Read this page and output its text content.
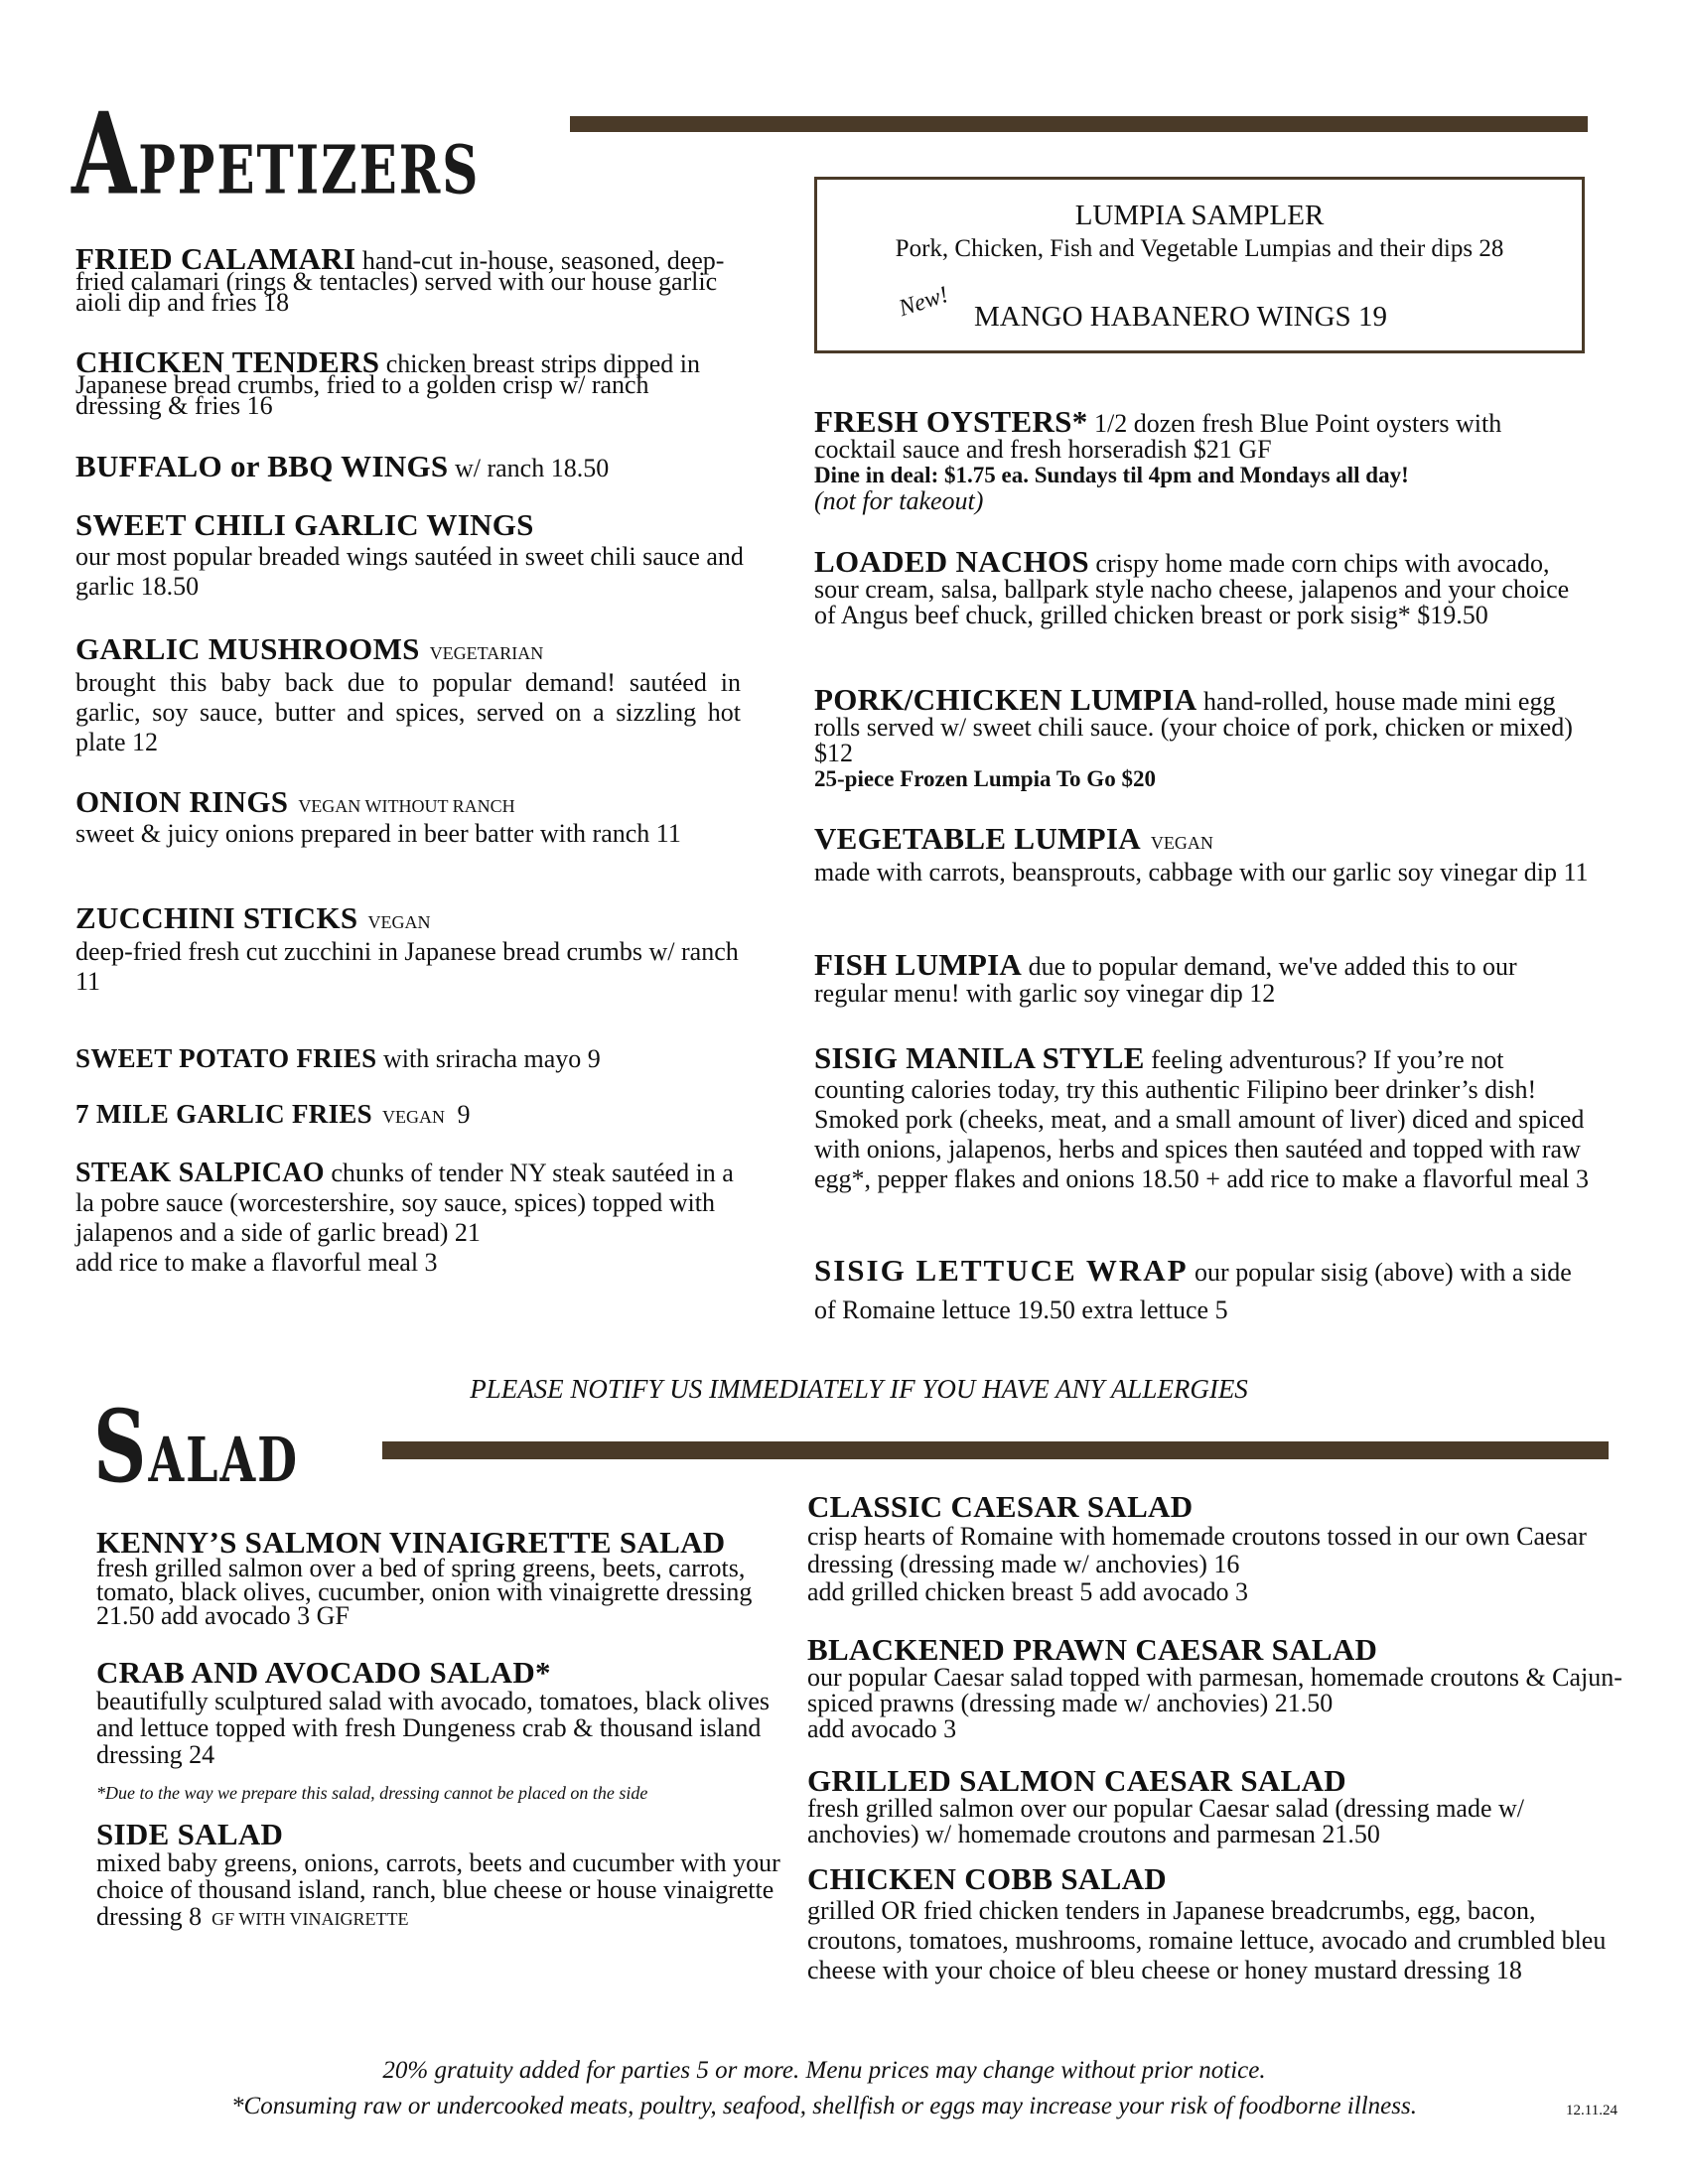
APPETIZERS
FRIED CALAMARI hand-cut in-house, seasoned, deep-fried calamari (rings & tentacles) served with our house garlic aioli dip and fries 18
CHICKEN TENDERS chicken breast strips dipped in Japanese bread crumbs, fried to a golden crisp w/ ranch dressing & fries 16
BUFFALO or BBQ WINGS w/ ranch 18.50
SWEET CHILI GARLIC WINGS
our most popular breaded wings sautéed in sweet chili sauce and garlic 18.50
GARLIC MUSHROOMS VEGETARIAN
brought this baby back due to popular demand! sautéed in garlic, soy sauce, butter and spices, served on a sizzling hot plate 12
ONION RINGS VEGAN WITHOUT RANCH
sweet & juicy onions prepared in beer batter with ranch 11
ZUCCHINI STICKS VEGAN
deep-fried fresh cut zucchini in Japanese bread crumbs w/ ranch 11
SWEET POTATO FRIES with sriracha mayo 9
7 MILE GARLIC FRIES VEGAN 9
STEAK SALPICAO chunks of tender NY steak sautéed in a la pobre sauce (worcestershire, soy sauce, spices) topped with jalapenos and a side of garlic bread) 21
add rice to make a flavorful meal 3
LUMPIA SAMPLER
Pork, Chicken, Fish and Vegetable Lumpias and their dips 28
New! MANGO HABANERO WINGS 19
FRESH OYSTERS* 1/2 dozen fresh Blue Point oysters with cocktail sauce and fresh horseradish $21 GF
Dine in deal: $1.75 ea. Sundays til 4pm and Mondays all day!
(not for takeout)
LOADED NACHOS crispy home made corn chips with avocado, sour cream, salsa, ballpark style nacho cheese, jalapenos and your choice of Angus beef chuck, grilled chicken breast or pork sisig* $19.50
PORK/CHICKEN LUMPIA hand-rolled, house made mini egg rolls served w/ sweet chili sauce. (your choice of pork, chicken or mixed) $12
25-piece Frozen Lumpia To Go $20
VEGETABLE LUMPIA VEGAN
made with carrots, beansprouts, cabbage with our garlic soy vinegar dip 11
FISH LUMPIA due to popular demand, we've added this to our regular menu! with garlic soy vinegar dip 12
SISIG MANILA STYLE feeling adventurous? If you’re not counting calories today, try this authentic Filipino beer drinker’s dish! Smoked pork (cheeks, meat, and a small amount of liver) diced and spiced with onions, jalapenos, herbs and spices then sautéed and topped with raw egg*, pepper flakes and onions 18.50 + add rice to make a flavorful meal 3
SISIG LETTUCE WRAP our popular sisig (above) with a side of Romaine lettuce 19.50 extra lettuce 5
PLEASE NOTIFY US IMMEDIATELY IF YOU HAVE ANY ALLERGIES
SALAD
KENNY’S SALMON VINAIGRETTE SALAD
fresh grilled salmon over a bed of spring greens, beets, carrots, tomato, black olives, cucumber, onion with vinaigrette dressing 21.50 add avocado 3 GF
CRAB AND AVOCADO SALAD*
beautifully sculptured salad with avocado, tomatoes, black olives and lettuce topped with fresh Dungeness crab & thousand island dressing 24
*Due to the way we prepare this salad, dressing cannot be placed on the side
SIDE SALAD
mixed baby greens, onions, carrots, beets and cucumber with your choice of thousand island, ranch, blue cheese or house vinaigrette dressing 8 GF WITH VINAIGRETTE
CLASSIC CAESAR SALAD
crisp hearts of Romaine with homemade croutons tossed in our own Caesar dressing (dressing made w/ anchovies) 16
add grilled chicken breast 5 add avocado 3
BLACKENED PRAWN CAESAR SALAD
our popular Caesar salad topped with parmesan, homemade croutons & Cajun-spiced prawns (dressing made w/ anchovies) 21.50
add avocado 3
GRILLED SALMON CAESAR SALAD
fresh grilled salmon over our popular Caesar salad (dressing made w/ anchovies) w/ homemade croutons and parmesan 21.50
CHICKEN COBB SALAD
grilled OR fried chicken tenders in Japanese breadcrumbs, egg, bacon, croutons, tomatoes, mushrooms, romaine lettuce, avocado and crumbled bleu cheese with your choice of bleu cheese or honey mustard dressing 18
20% gratuity added for parties 5 or more. Menu prices may change without prior notice.
*Consuming raw or undercooked meats, poultry, seafood, shellfish or eggs may increase your risk of foodborne illness.	12.11.24
